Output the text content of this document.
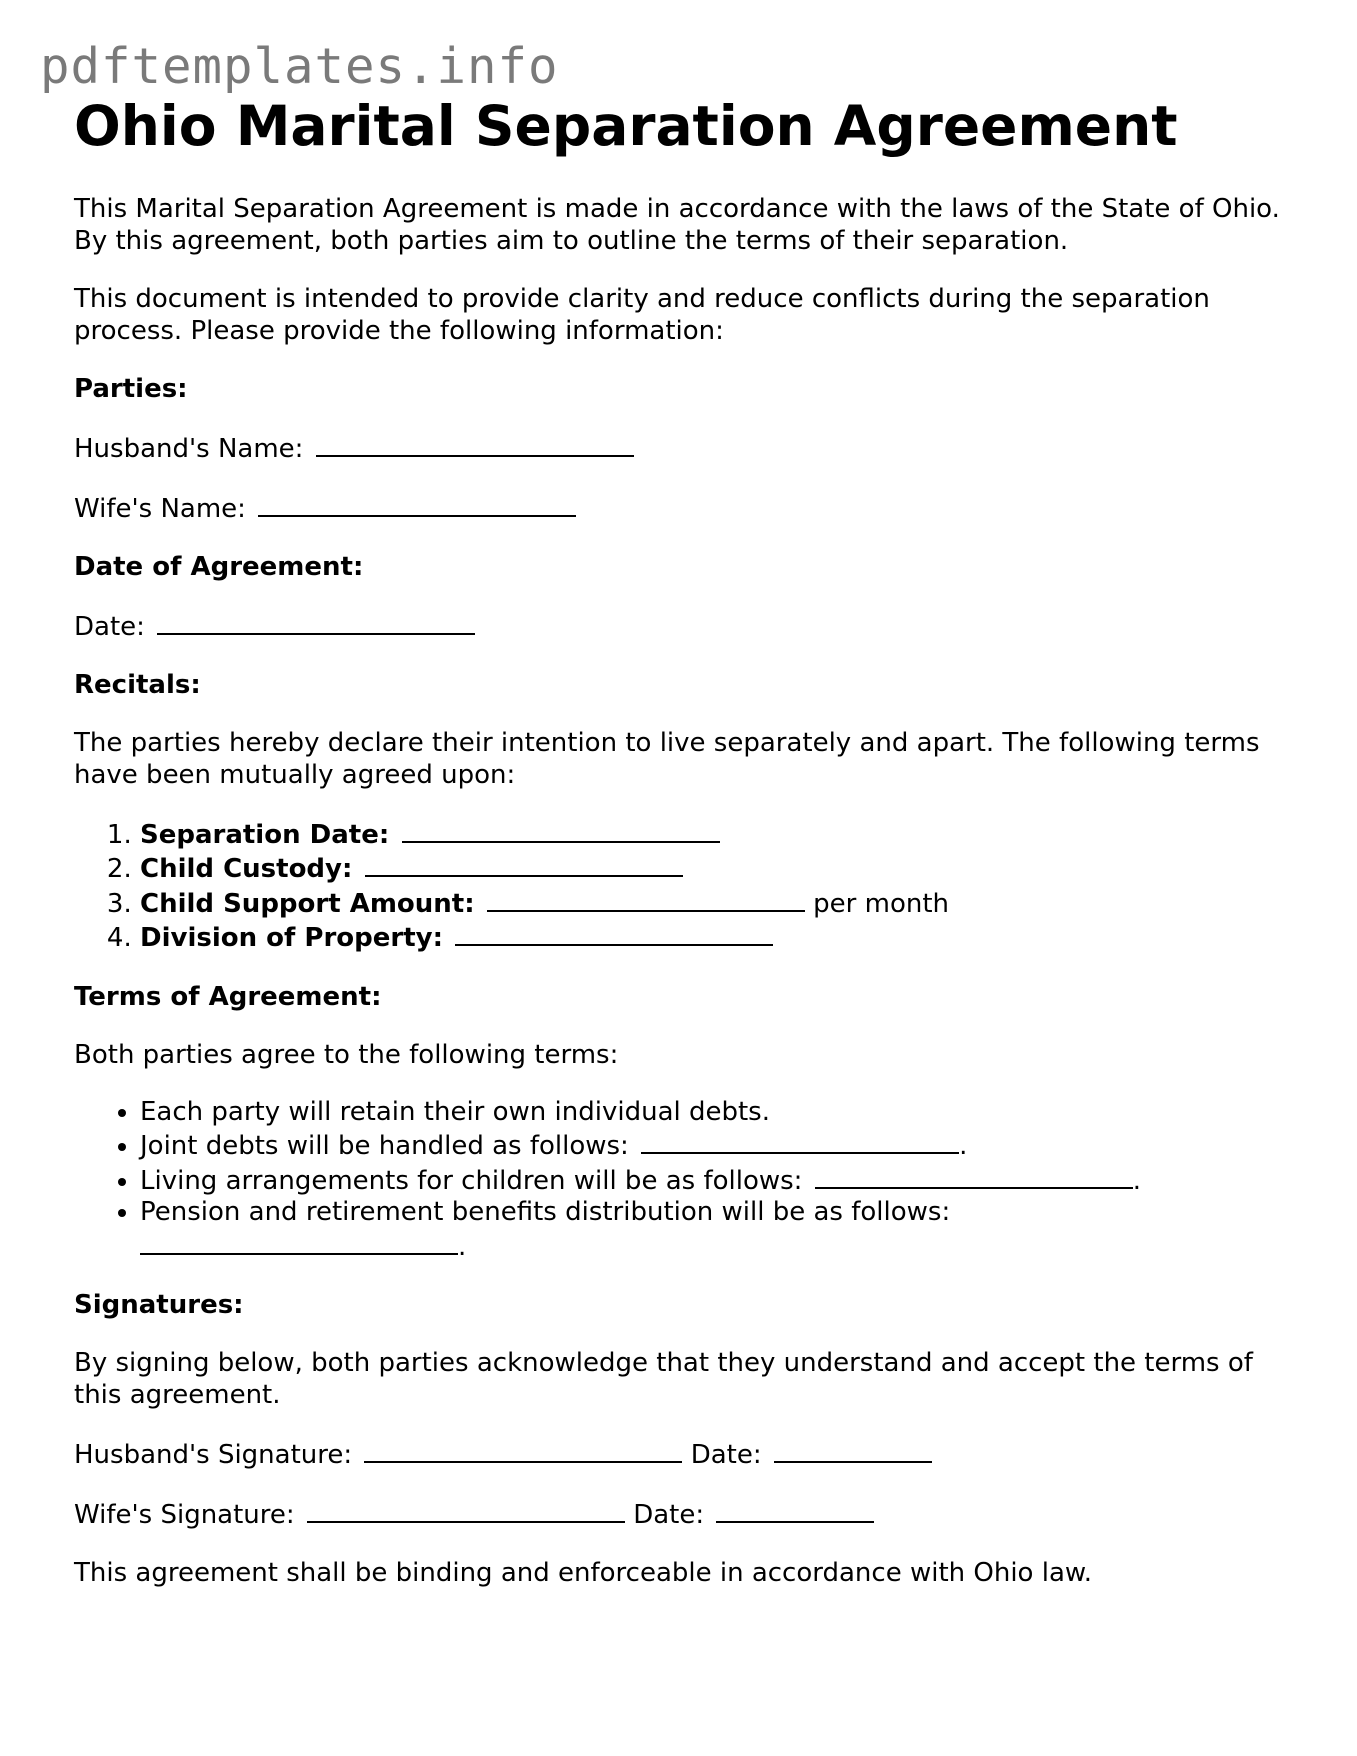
pdftemplates.info
Ohio Marital Separation Agreement

This Marital Separation Agreement is made in accordance with the laws of the State of Ohio. By this agreement, both parties aim to outline the terms of their separation.

This document is intended to provide clarity and reduce conflicts during the separation process. Please provide the following information:

Parties:

Husband's Name:

Wife's Name:

Date of Agreement:

Date:

Recitals:

The parties hereby declare their intention to live separately and apart. The following terms have been mutually agreed upon:

1. Separation Date:
2. Child Custody:
3. Child Support Amount:	per month
4. Division of Property:

Terms of Agreement:

Both parties agree to the following terms:

• Each party will retain their own individual debts.
• Joint debts will be handled as follows:	.
• Living arrangements for children will be as follows:	.
• Pension and retirement benefits distribution will be as follows:
.

Signatures:

By signing below, both parties acknowledge that they understand and accept the terms of this agreement.

Husband's Signature:	Date:

Wife's Signature:	Date:

This agreement shall be binding and enforceable in accordance with Ohio law.
